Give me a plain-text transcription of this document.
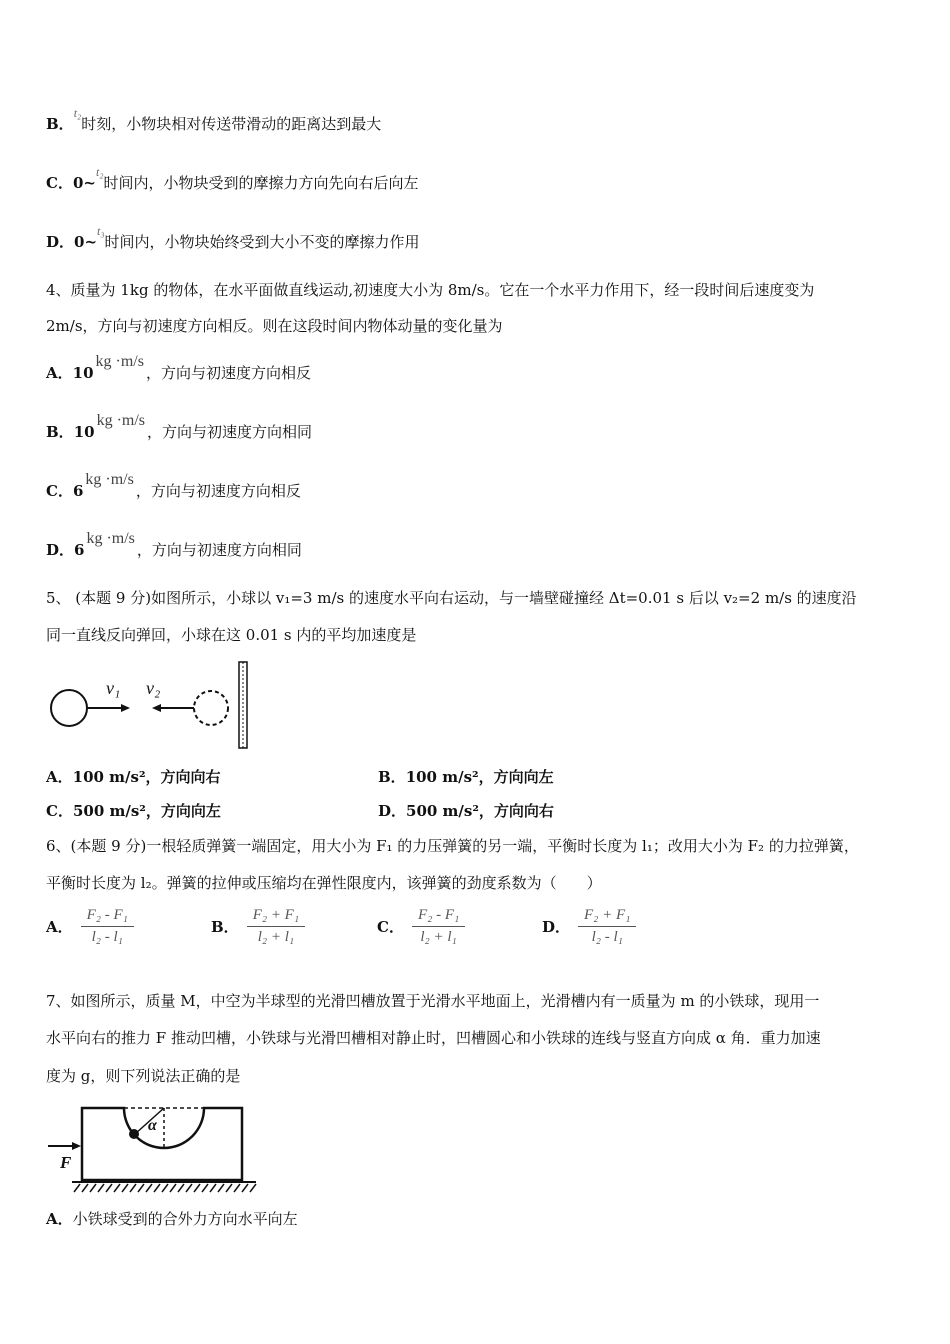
B．$^{t_2}$时刻，小物块相对传送带滑动的距离达到最大
C．0~$^{t_2}$时间内，小物块受到的摩擦力方向先向右后向左
D．0~$^{t_3}$时间内，小物块始终受到大小不变的摩擦力作用
4、质量为 1kg 的物体，在水平面做直线运动,初速度大小为 8m/s。它在一个水平力作用下，经一段时间后速度变为
2m/s，方向与初速度方向相反。则在这段时间内物体动量的变化量为
A．10kg ·m/s，方向与初速度方向相反
B．10kg ·m/s，方向与初速度方向相同
C．6kg ·m/s，方向与初速度方向相反
D．6kg ·m/s，方向与初速度方向相同
5、 (本题 9 分)如图所示，小球以 v₁=3 m/s 的速度水平向右运动，与一墙壁碰撞经 Δt=0.01 s 后以 v₂=2 m/s 的速度沿
同一直线反向弹回，小球在这 0.01 s 内的平均加速度是
v₁ v₂
A．100 m/s²，方向向右	B．100 m/s²，方向向左
C．500 m/s²，方向向左	D．500 m/s²，方向向右
6、(本题 9 分)一根轻质弹簧一端固定，用大小为 F₁ 的力压弹簧的另一端，平衡时长度为 l₁；改用大小为 F₂ 的力拉弹簧，
平衡时长度为 l₂。弹簧的拉伸或压缩均在弹性限度内，该弹簧的劲度系数为（　　）
A． $\frac{\text{F₂ - F₁}}{\text{l₂ - l₁}}$	B． $\frac{\text{F₂ + F₁}}{\text{l₂ + l₁}}$	C． $\frac{\text{F₂ - F₁}}{\text{l₂ + l₁}}$	D． $\frac{\text{F₂ + F₁}}{\text{l₂ - l₁}}$
7、如图所示，质量 M，中空为半球型的光滑凹槽放置于光滑水平地面上，光滑槽内有一质量为 m 的小铁球，现用一
水平向右的推力 F 推动凹槽，小铁球与光滑凹槽相对静止时，凹槽圆心和小铁球的连线与竖直方向成 α 角．重力加速
度为 g，则下列说法正确的是
α
F
A．小铁球受到的合外力方向水平向左
